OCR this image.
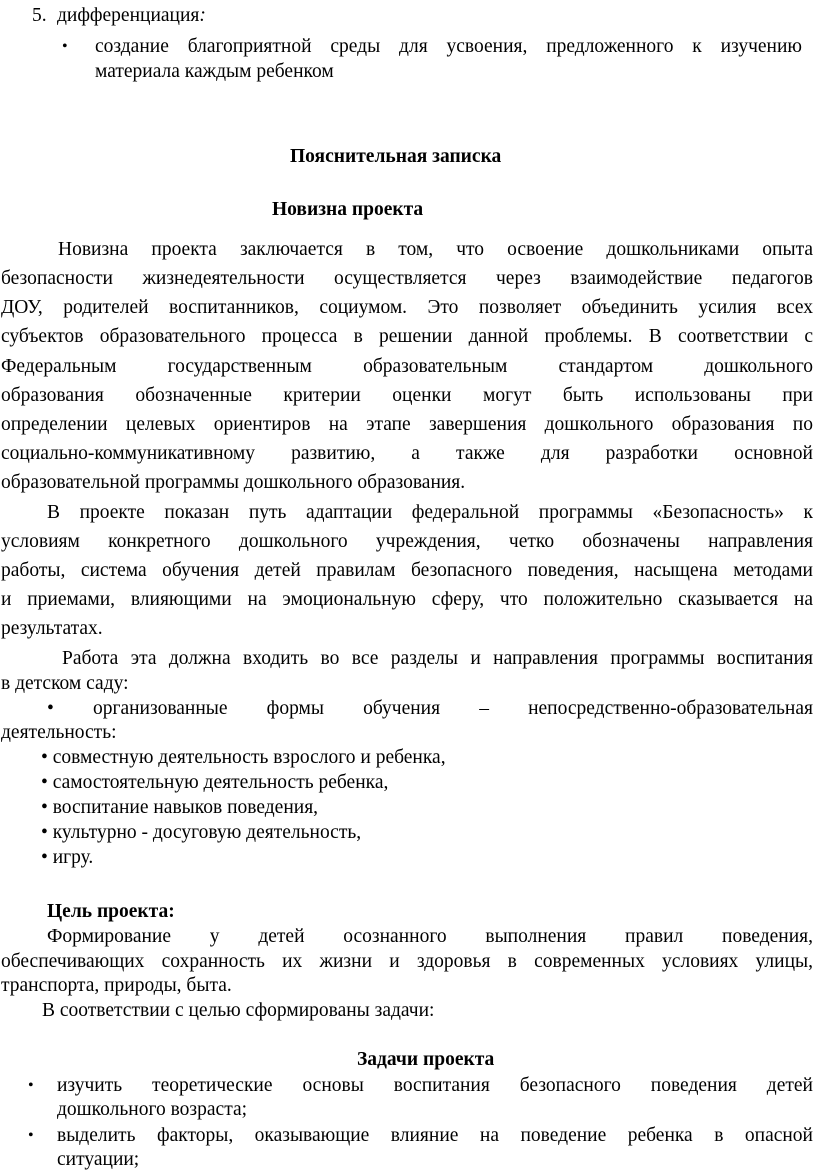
5. дифференциация:
• создание благоприятной среды для усвоения, предложенного к изучению
материала каждым ребенком
Пояснительная записка
Новизна проекта
Новизна проекта заключается в том, что освоение дошкольниками опыта
безопасности жизнедеятельности осуществляется через взаимодействие педагогов
ДОУ, родителей воспитанников, социумом. Это позволяет объединить усилия всех
субъектов образовательного процесса в решении данной проблемы. В соответствии с
Федеральным государственным образовательным стандартом дошкольного
образования обозначенные критерии оценки могут быть использованы при
определении целевых ориентиров на этапе завершения дошкольного образования по
социально-коммуникативному развитию, а также для разработки основной
образовательной программы дошкольного образования.
В проекте показан путь адаптации федеральной программы «Безопасность» к
условиям конкретного дошкольного учреждения, четко обозначены направления
работы, система обучения детей правилам безопасного поведения, насыщена методами
и приемами, влияющими на эмоциональную сферу, что положительно сказывается на
результатах.
Работа эта должна входить во все разделы и направления программы воспитания
в детском саду:
• организованные формы обучения – непосредственно-образовательная
деятельность:
• совместную деятельность взрослого и ребенка,
• самостоятельную деятельность ребенка,
• воспитание навыков поведения,
• культурно - досуговую деятельность,
• игру.
Цель проекта:
Формирование у детей осознанного выполнения правил поведения,
обеспечивающих сохранность их жизни и здоровья в современных условиях улицы,
транспорта, природы, быта.
В соответствии с целью сформированы задачи:
Задачи проекта
• изучить теоретические основы воспитания безопасного поведения детей
дошкольного возраста;
• выделить факторы, оказывающие влияние на поведение ребенка в опасной
ситуации;
